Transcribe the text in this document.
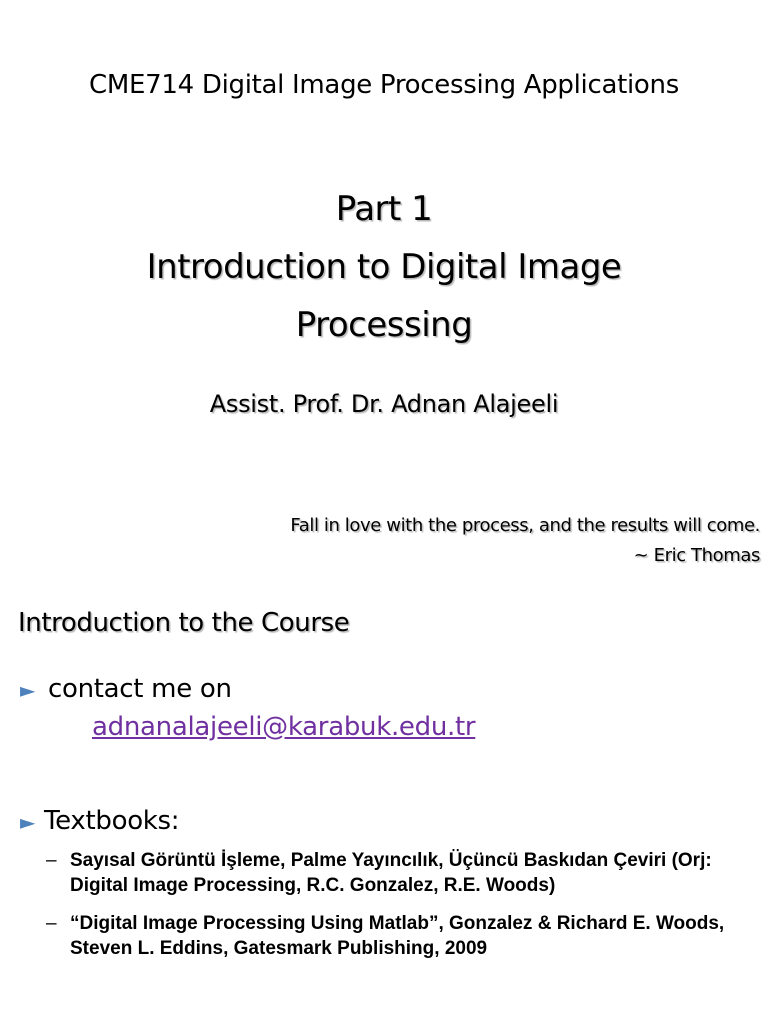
CME714 Digital Image Processing Applications
Part 1
Introduction to Digital Image
Processing
Assist. Prof. Dr. Adnan Alajeeli
Fall in love with the process, and the results will come.
~ Eric Thomas
Introduction to the Course
► contact me on
adnanalajeeli@karabuk.edu.tr
► Textbooks:
– Sayısal Görüntü İşleme, Palme Yayıncılık, Üçüncü Baskıdan Çeviri (Orj: Digital Image Processing, R.C. Gonzalez, R.E. Woods)
– “Digital Image Processing Using Matlab”, Gonzalez & Richard E. Woods, Steven L. Eddins, Gatesmark Publishing, 2009
